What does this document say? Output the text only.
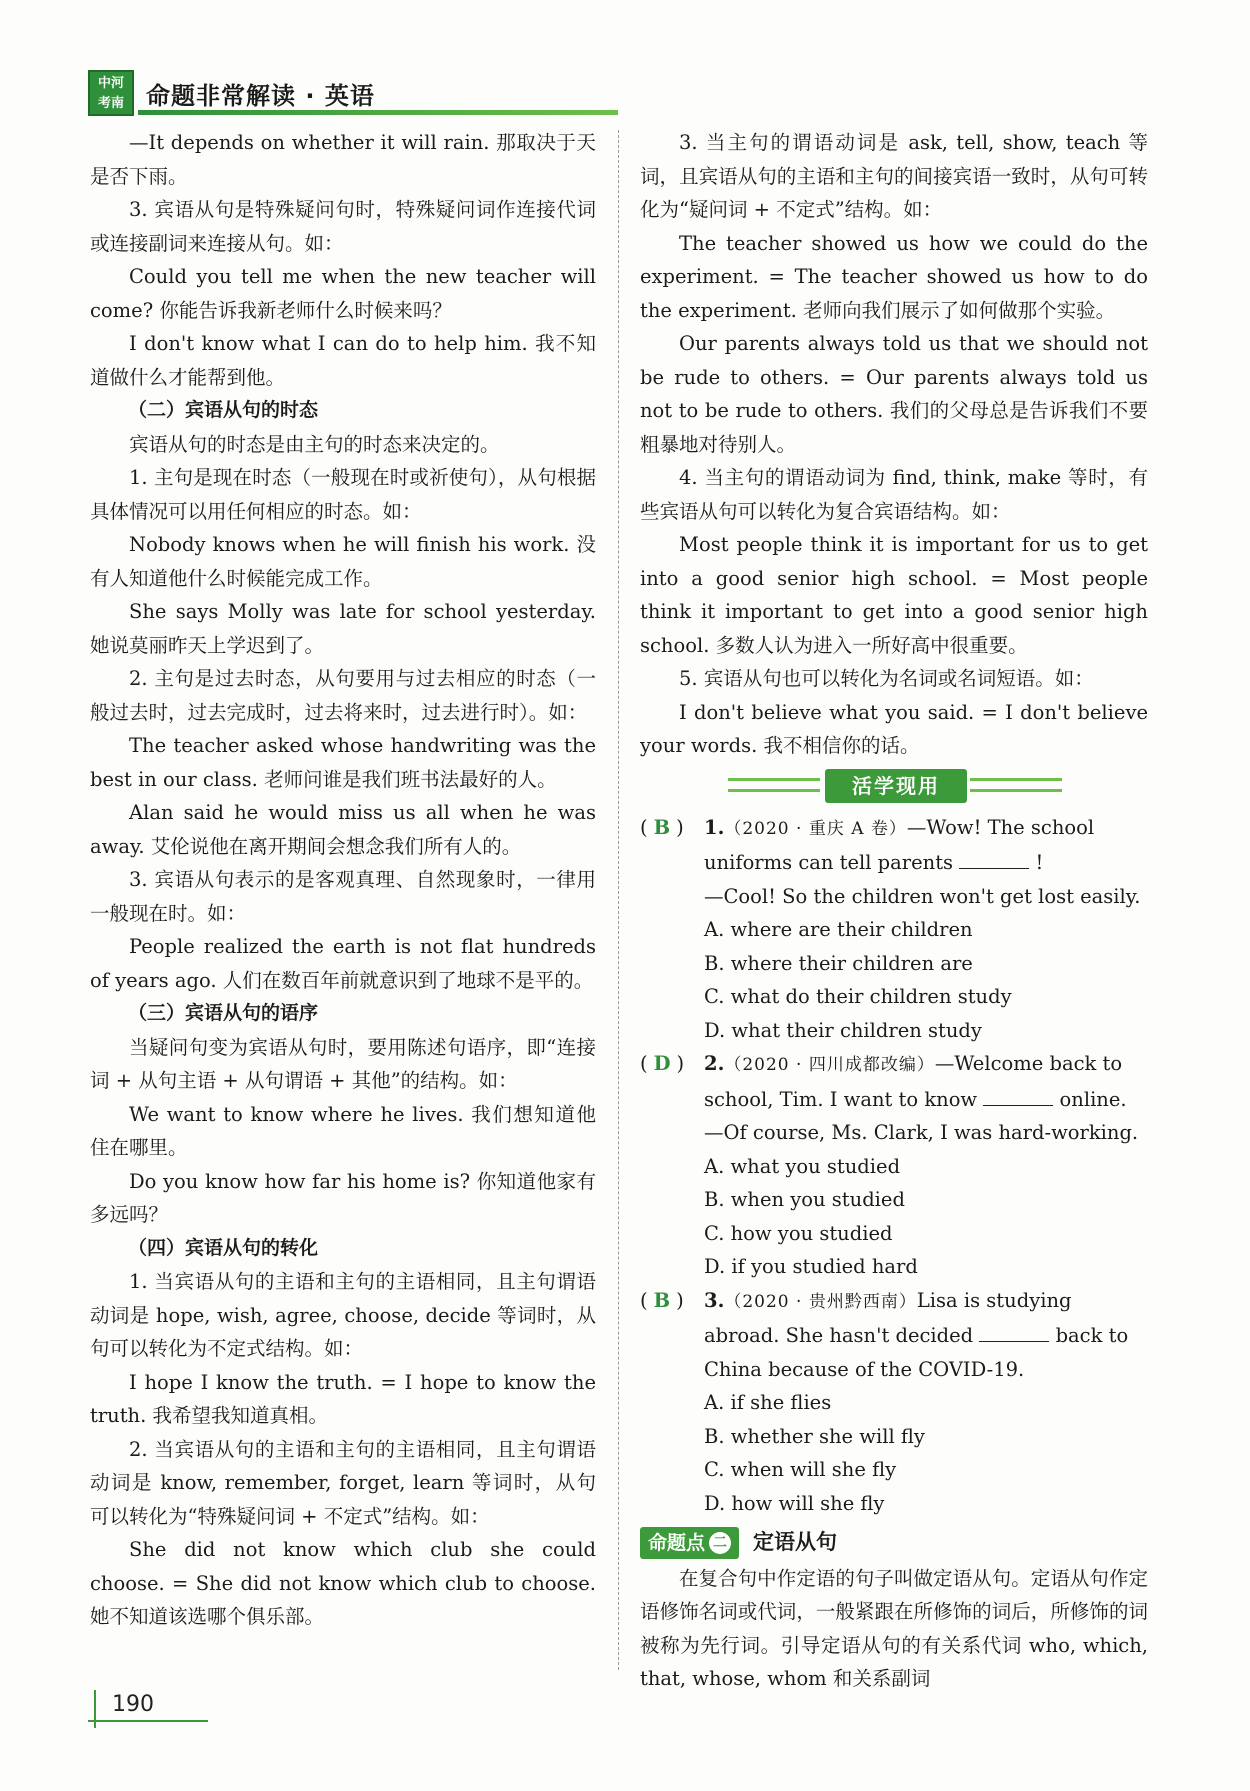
中河
考南 命题非常解读 · 英语

—It depends on whether it will rain. 那取决于天是否下雨。

3. 宾语从句是特殊疑问句时，特殊疑问词作连接代词或连接副词来连接从句。如：

Could you tell me when the new teacher will come? 你能告诉我新老师什么时候来吗？

I don't know what I can do to help him. 我不知道做什么才能帮到他。

（二）宾语从句的时态

宾语从句的时态是由主句的时态来决定的。

1. 主句是现在时态（一般现在时或祈使句），从句根据具体情况可以用任何相应的时态。如：

Nobody knows when he will finish his work. 没有人知道他什么时候能完成工作。

She says Molly was late for school yesterday. 她说莫丽昨天上学迟到了。

2. 主句是过去时态，从句要用与过去相应的时态（一般过去时，过去完成时，过去将来时，过去进行时）。如：

The teacher asked whose handwriting was the best in our class. 老师问谁是我们班书法最好的人。

Alan said he would miss us all when he was away. 艾伦说他在离开期间会想念我们所有人的。

3. 宾语从句表示的是客观真理、自然现象时，一律用一般现在时。如：

People realized the earth is not flat hundreds of years ago. 人们在数百年前就意识到了地球不是平的。

（三）宾语从句的语序

当疑问句变为宾语从句时，要用陈述句语序，即“连接词 + 从句主语 + 从句谓语 + 其他”的结构。如：

We want to know where he lives. 我们想知道他住在哪里。

Do you know how far his home is? 你知道他家有多远吗？

（四）宾语从句的转化

1. 当宾语从句的主语和主句的主语相同，且主句谓语动词是 hope, wish, agree, choose, decide 等词时，从句可以转化为不定式结构。如：

I hope I know the truth. = I hope to know the truth. 我希望我知道真相。

2. 当宾语从句的主语和主句的主语相同，且主句谓语动词是 know, remember, forget, learn 等词时，从句可以转化为“特殊疑问词 + 不定式”结构。如：

She did not know which club she could choose. = She did not know which club to choose. 她不知道该选哪个俱乐部。

3. 当主句的谓语动词是 ask, tell, show, teach 等词，且宾语从句的主语和主句的间接宾语一致时，从句可转化为“疑问词 + 不定式”结构。如：

The teacher showed us how we could do the experiment. = The teacher showed us how to do the experiment. 老师向我们展示了如何做那个实验。

Our parents always told us that we should not be rude to others. = Our parents always told us not to be rude to others. 我们的父母总是告诉我们不要粗暴地对待别人。

4. 当主句的谓语动词为 find, think, make 等时，有些宾语从句可以转化为复合宾语结构。如：

Most people think it is important for us to get into a good senior high school. = Most people think it important to get into a good senior high school. 多数人认为进入一所好高中很重要。

5. 宾语从句也可以转化为名词或名词短语。如：

I don't believe what you said. = I don't believe your words. 我不相信你的话。

活学现用
( B )	1.（2020 · 重庆 A 卷）—Wow! The school uniforms can tell parents	!
—Cool! So the children won't get lost easily.
A. where are their children
B. where their children are
C. what do their children study
D. what their children study
( D )	2.（2020 · 四川成都改编）—Welcome back to school, Tim. I want to know	online.
—Of course, Ms. Clark, I was hard-working.
A. what you studied
B. when you studied
C. how you studied
D. if you studied hard
( B )	3.（2020 · 贵州黔西南）Lisa is studying abroad. She hasn't decided	back to China because of the COVID-19.
A. if she flies
B. whether she will fly
C. when will she fly
D. how will she fly
命题点 二	定语从句

在复合句中作定语的句子叫做定语从句。定语从句作定语修饰名词或代词，一般紧跟在所修饰的词后，所修饰的词被称为先行词。引导定语从句的有关系代词 who, which, that, whose, whom 和关系副词

190
